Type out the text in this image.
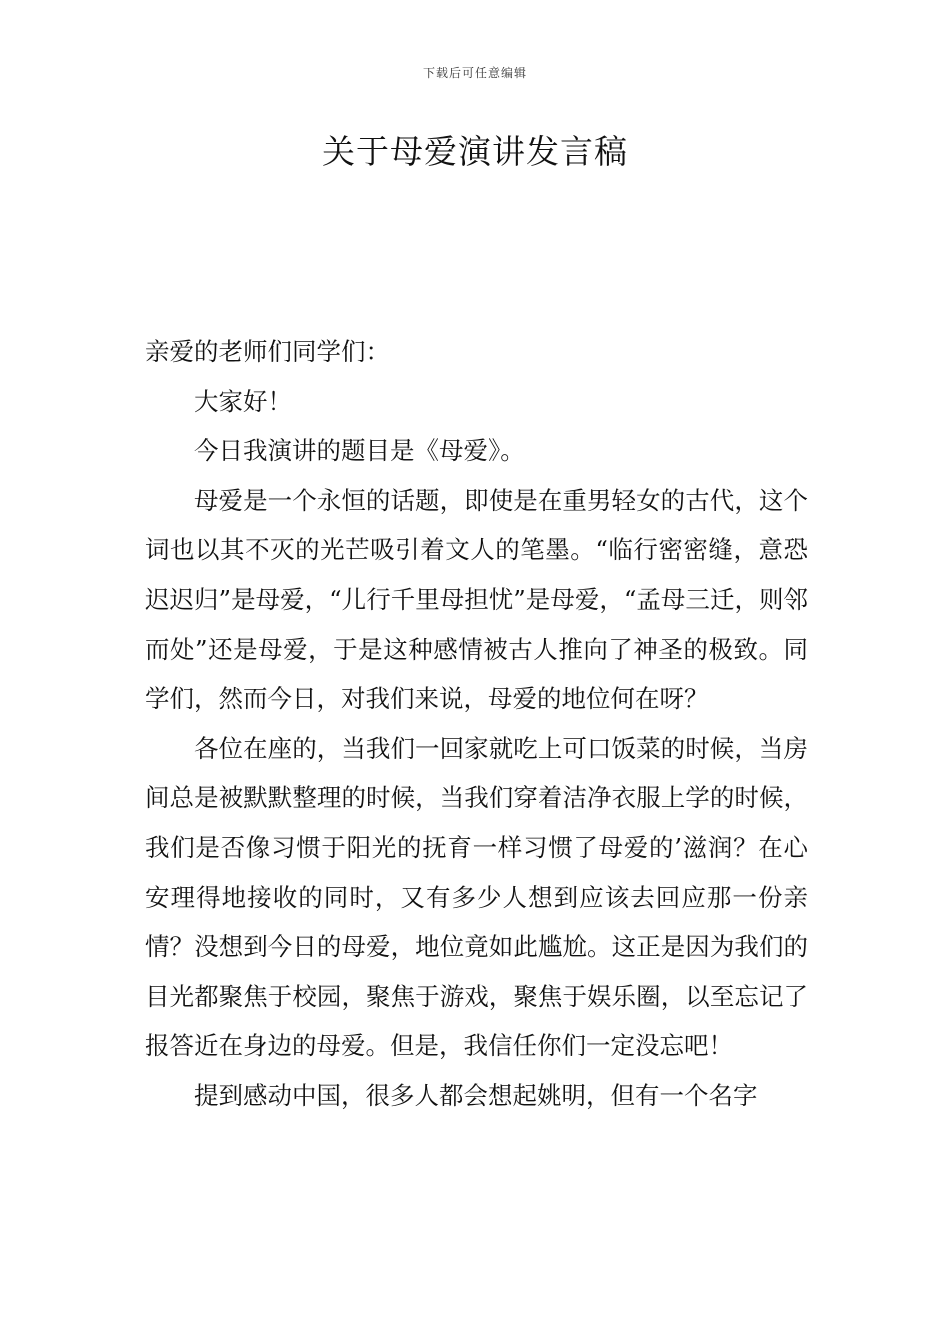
下载后可任意编辑
关于母爱演讲发言稿

亲爱的老师们同学们：

大家好！

今日我演讲的题目是《母爱》。

母爱是一个永恒的话题，即使是在重男轻女的古代，这个词也以其不灭的光芒吸引着文人的笔墨。“临行密密缝，意恐迟迟归”是母爱，“儿行千里母担忧”是母爱，“孟母三迁，则邻而处”还是母爱，于是这种感情被古人推向了神圣的极致。同学们，然而今日，对我们来说，母爱的地位何在呀？

各位在座的，当我们一回家就吃上可口饭菜的时候，当房间总是被默默整理的时候，当我们穿着洁净衣服上学的时候，我们是否像习惯于阳光的抚育一样习惯了母爱的’滋润？在心安理得地接收的同时，又有多少人想到应该去回应那一份亲情？没想到今日的母爱，地位竟如此尴尬。这正是因为我们的目光都聚焦于校园，聚焦于游戏，聚焦于娱乐圈，以至忘记了报答近在身边的母爱。但是，我信任你们一定没忘吧！

提到感动中国，很多人都会想起姚明，但有一个名字
